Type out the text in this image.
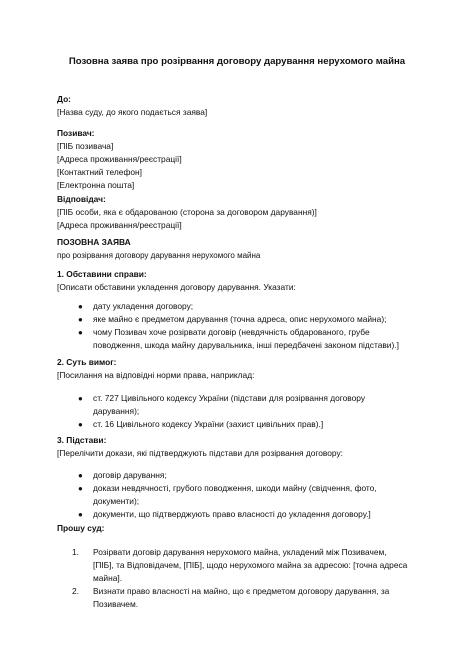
Позовна заява про розірвання договору дарування нерухомого майна

До:

[Назва суду, до якого подається заява]

Позивач:

[ПІБ позивача]

[Адреса проживання/реєстрації]

[Контактний телефон]

[Електронна пошта]

Відповідач:

[ПІБ особи, яка є обдарованою (сторона за договором дарування)]

[Адреса проживання/реєстрації]

ПОЗОВНА ЗАЯВА

про розірвання договору дарування нерухомого майна

1. Обставини справи:

[Описати обставини укладення договору дарування. Указати:

● дату укладення договору;
● яке майно є предметом дарування (точна адреса, опис нерухомого майна);
● чому Позивач хоче розірвати договір (невдячність обдарованого, грубе
поводження, шкода майну дарувальника, інші передбачені законом підстави).]

2. Суть вимог:

[Посилання на відповідні норми права, наприклад:

● ст. 727 Цивільного кодексу України (підстави для розірвання договору
дарування);
● ст. 16 Цивільного кодексу України (захист цивільних прав).]

3. Підстави:

[Перелічити докази, які підтверджують підстави для розірвання договору:

● договір дарування;
● докази невдячності, грубого поводження, шкоди майну (свідчення, фото,
документи);
● документи, що підтверджують право власності до укладення договору.]

Прошу суд:

1. Розірвати договір дарування нерухомого майна, укладений між Позивачем,
[ПІБ], та Відповідачем, [ПІБ], щодо нерухомого майна за адресою: [точна адреса
майна].
2. Визнати право власності на майно, що є предметом договору дарування, за
Позивачем.
